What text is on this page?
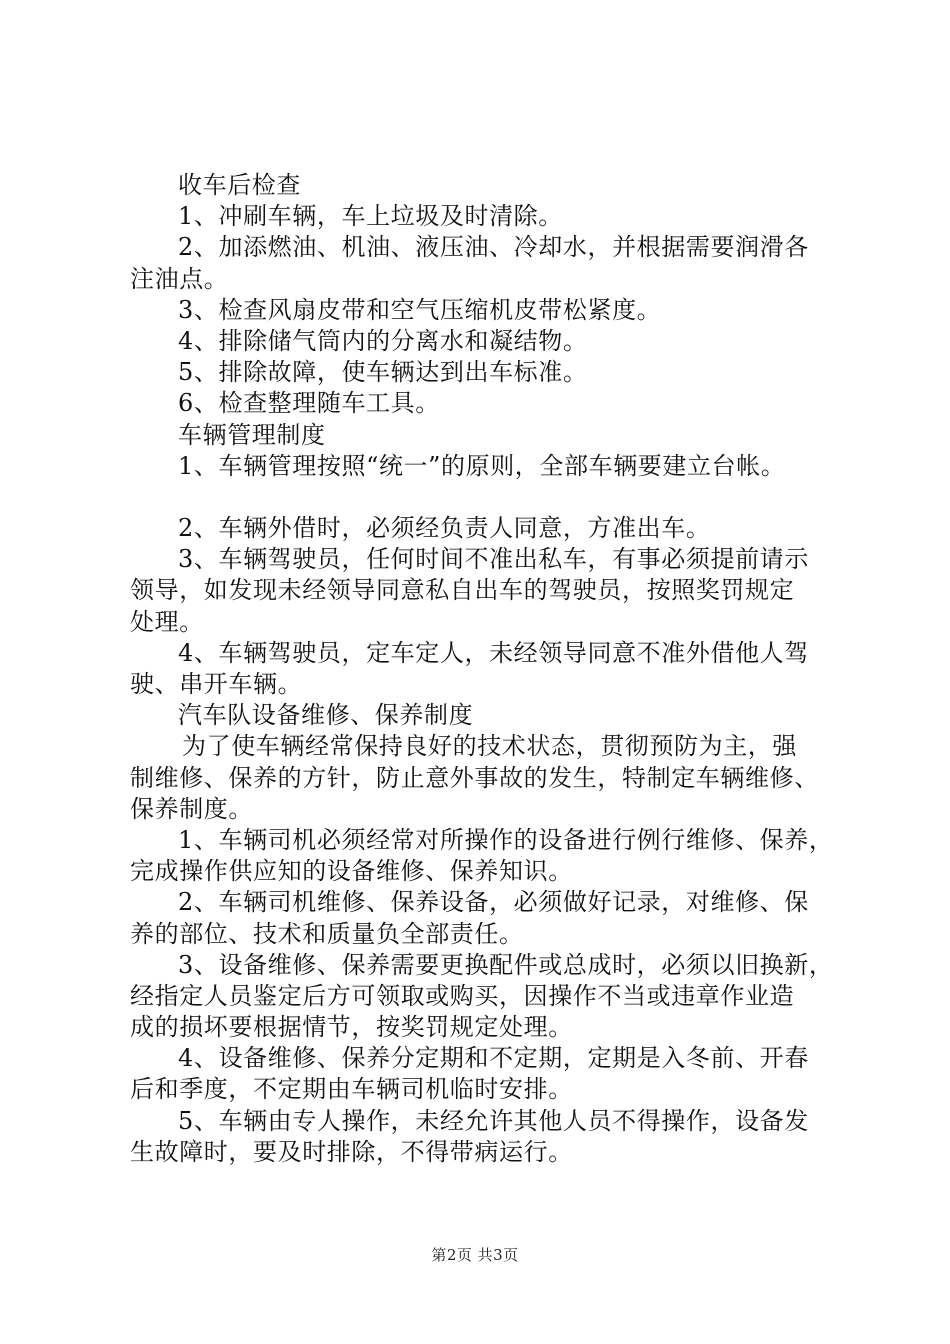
收车后检查
1、冲刷车辆，车上垃圾及时清除。
2、加添燃油、机油、液压油、冷却水，并根据需要润滑各
注油点。
3、检查风扇皮带和空气压缩机皮带松紧度。
4、排除储气筒内的分离水和凝结物。
5、排除故障，使车辆达到出车标准。
6、检查整理随车工具。
车辆管理制度
1、车辆管理按照“统一”的原则，全部车辆要建立台帐。
2、车辆外借时，必须经负责人同意，方准出车。
3、车辆驾驶员，任何时间不准出私车，有事必须提前请示
领导，如发现未经领导同意私自出车的驾驶员，按照奖罚规定
处理。
4、车辆驾驶员，定车定人，未经领导同意不准外借他人驾
驶、串开车辆。
汽车队设备维修、保养制度
为了使车辆经常保持良好的技术状态，贯彻预防为主，强
制维修、保养的方针，防止意外事故的发生，特制定车辆维修、
保养制度。
1、车辆司机必须经常对所操作的设备进行例行维修、保养，
完成操作供应知的设备维修、保养知识。
2、车辆司机维修、保养设备，必须做好记录，对维修、保
养的部位、技术和质量负全部责任。
3、设备维修、保养需要更换配件或总成时，必须以旧换新，
经指定人员鉴定后方可领取或购买，因操作不当或违章作业造
成的损坏要根据情节，按奖罚规定处理。
4、设备维修、保养分定期和不定期，定期是入冬前、开春
后和季度，不定期由车辆司机临时安排。
5、车辆由专人操作，未经允许其他人员不得操作，设备发
生故障时，要及时排除，不得带病运行。
第2页 共3页
